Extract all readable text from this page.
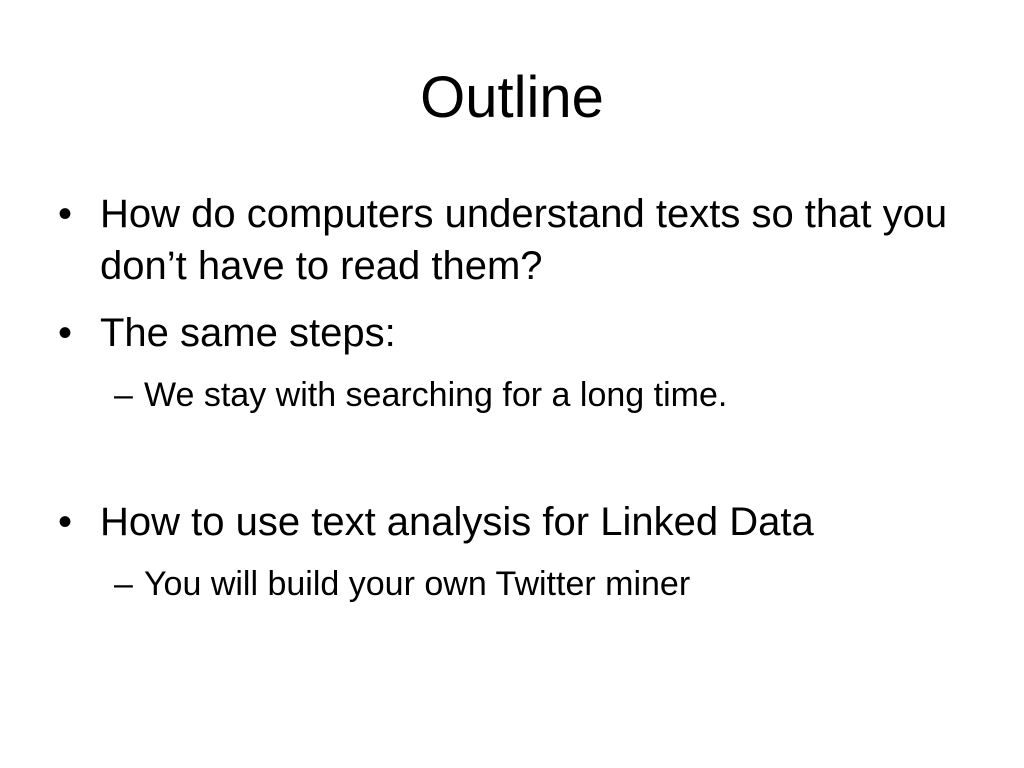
Outline
• How do computers understand texts so that you don’t have to read them?
• The same steps:
– We stay with searching for a long time.
• How to use text analysis for Linked Data
– You will build your own Twitter miner
